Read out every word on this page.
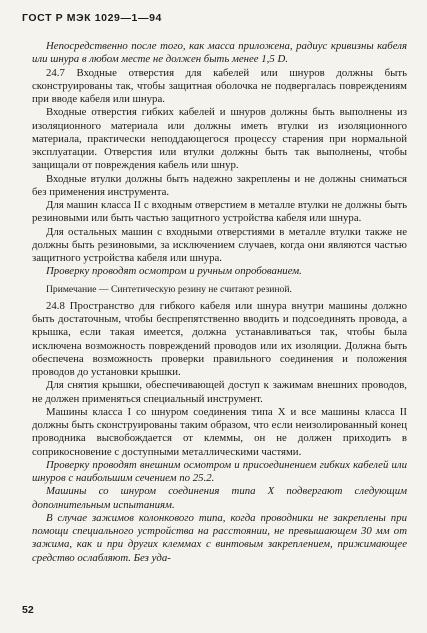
ГОСТ Р МЭК 1029—1—94

Непосредственно после того, как масса приложена, радиус кривизны кабеля или шнура в любом месте не должен быть менее 1,5 D.

24.7 Входные отверстия для кабелей или шнуров должны быть сконструированы так, чтобы защитная оболочка не подвергалась повреждениям при вводе кабеля или шнура.

Входные отверстия гибких кабелей и шнуров должны быть выполнены из изоляционного материала или должны иметь втулки из изоляционного материала, практически неподдающегося процессу старения при нормальной эксплуатации. Отверстия или втулки должны быть так выполнены, чтобы защищали от повреждения кабель или шнур.

Входные втулки должны быть надежно закреплены и не должны сниматься без применения инструмента.

Для машин класса II с входным отверстием в металле втулки не должны быть резиновыми или быть частью защитного устройства кабеля или шнура.

Для остальных машин с входными отверстиями в металле втулки также не должны быть резиновыми, за исключением случаев, когда они являются частью защитного устройства кабеля или шнура.

Проверку проводят осмотром и ручным опробованием.

Примечание — Синтетическую резину не считают резиной.

24.8 Пространство для гибкого кабеля или шнура внутри машины должно быть достаточным, чтобы беспрепятственно вводить и подсоединять провода, а крышка, если такая имеется, должна устанавливаться так, чтобы была исключена возможность повреждений проводов или их изоляции. Должна быть обеспечена возможность проверки правильного соединения и положения проводов до установки крышки.

Для снятия крышки, обеспечивающей доступ к зажимам внешних проводов, не должен применяться специальный инструмент.

Машины класса I со шнуром соединения типа X и все машины класса II должны быть сконструированы таким образом, что если неизолированный конец проводника высвобождается от клеммы, он не должен приходить в соприкосновение с доступными металлическими частями.

Проверку проводят внешним осмотром и присоединением гибких кабелей или шнуров с наибольшим сечением по 25.2.

Машины со шнуром соединения типа X подвергают следующим дополнительным испытаниям.

В случае зажимов колонкового типа, когда проводники не закреплены при помощи специального устройства на расстоянии, не превышающем 30 мм от зажима, как и при других клеммах с винтовым закреплением, прижимающее средство ослабляют. Без уда-

52
